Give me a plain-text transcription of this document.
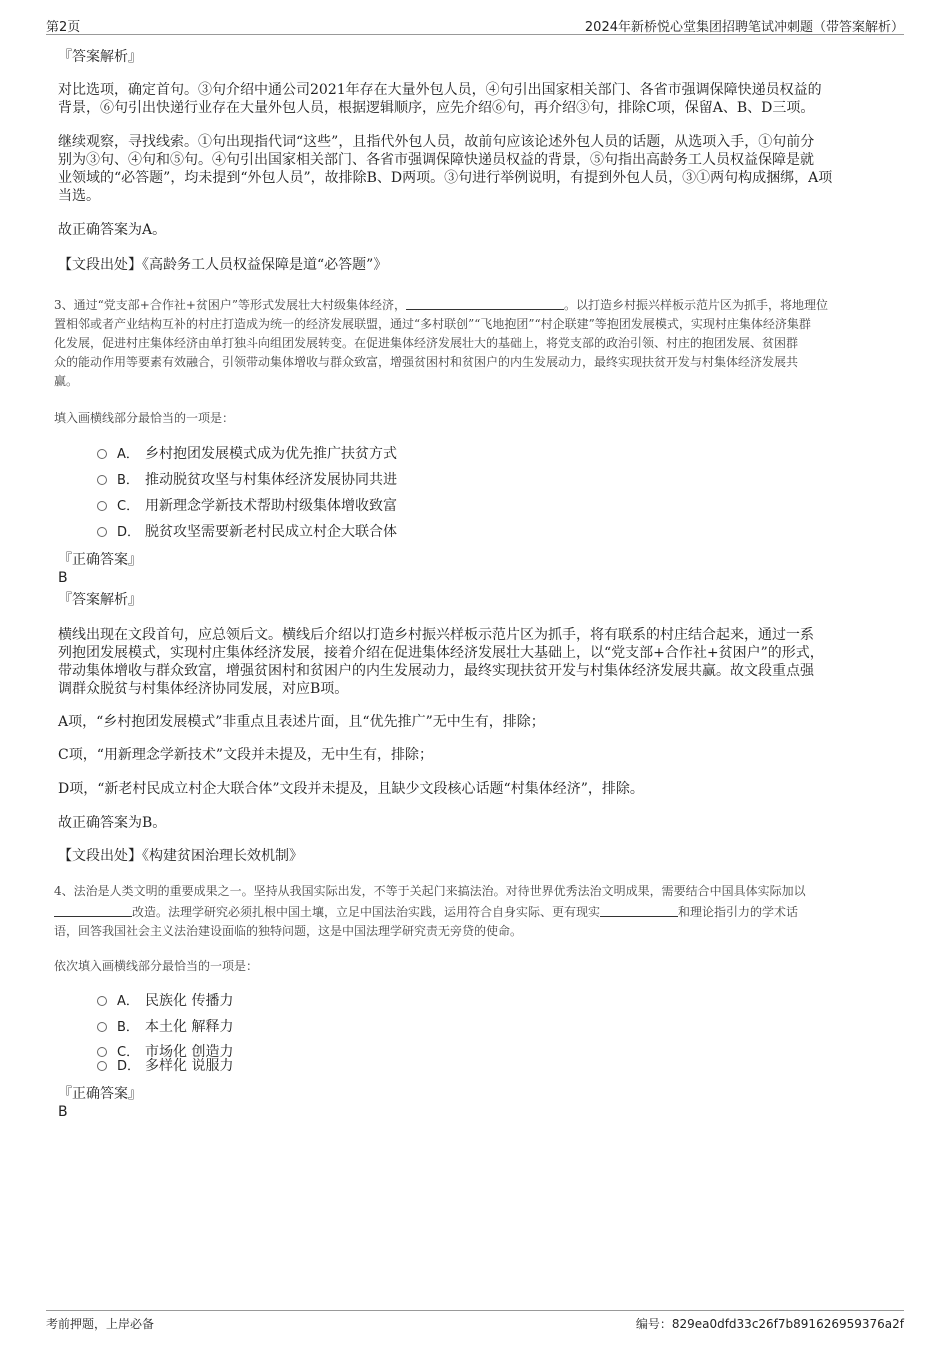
第2页	2024年新桥悦心堂集团招聘笔试冲刺题（带答案解析）
『答案解析』
对比选项，确定首句。③句介绍中通公司2021年存在大量外包人员，④句引出国家相关部门、各省市强调保障快递员权益的
背景，⑥句引出快递行业存在大量外包人员，根据逻辑顺序，应先介绍⑥句，再介绍③句，排除C项，保留A、B、D三项。
继续观察，寻找线索。①句出现指代词“这些”，且指代外包人员，故前句应该论述外包人员的话题，从选项入手，①句前分
别为③句、④句和⑤句。④句引出国家相关部门、各省市强调保障快递员权益的背景，⑤句指出高龄务工人员权益保障是就
业领域的“必答题”，均未提到“外包人员”，故排除B、D两项。③句进行举例说明，有提到外包人员，③①两句构成捆绑，A项
当选。
故正确答案为A。
【文段出处】《高龄务工人员权益保障是道“必答题”》
3、通过“党支部+合作社+贫困户”等形式发展壮大村级集体经济，	。以打造乡村振兴样板示范片区为抓手，将地理位
置相邻或者产业结构互补的村庄打造成为统一的经济发展联盟，通过“多村联创”“飞地抱团”“村企联建”等抱团发展模式，实现村庄集体经济集群
化发展，促进村庄集体经济由单打独斗向组团发展转变。在促进集体经济发展壮大的基础上，将党支部的政治引领、村庄的抱团发展、贫困群
众的能动作用等要素有效融合，引领带动集体增收与群众致富，增强贫困村和贫困户的内生发展动力，最终实现扶贫开发与村集体经济发展共
赢。
填入画横线部分最恰当的一项是：
A． 乡村抱团发展模式成为优先推广扶贫方式
B． 推动脱贫攻坚与村集体经济发展协同共进
C． 用新理念学新技术帮助村级集体增收致富
D． 脱贫攻坚需要新老村民成立村企大联合体
『正确答案』
B
『答案解析』
横线出现在文段首句，应总领后文。横线后介绍以打造乡村振兴样板示范片区为抓手，将有联系的村庄结合起来，通过一系
列抱团发展模式，实现村庄集体经济发展，接着介绍在促进集体经济发展壮大基础上，以“党支部+合作社+贫困户”的形式，
带动集体增收与群众致富，增强贫困村和贫困户的内生发展动力，最终实现扶贫开发与村集体经济发展共赢。故文段重点强
调群众脱贫与村集体经济协同发展，对应B项。
A项，“乡村抱团发展模式”非重点且表述片面，且“优先推广”无中生有，排除；
C项，“用新理念学新技术”文段并未提及，无中生有，排除；
D项，“新老村民成立村企大联合体”文段并未提及，且缺少文段核心话题“村集体经济”，排除。
故正确答案为B。
【文段出处】《构建贫困治理长效机制》
4、法治是人类文明的重要成果之一。坚持从我国实际出发，不等于关起门来搞法治。对待世界优秀法治文明成果，需要结合中国具体实际加以
改造。法理学研究必须扎根中国土壤，立足中国法治实践，运用符合自身实际、更有现实	和理论指引力的学术话
语，回答我国社会主义法治建设面临的独特问题，这是中国法理学研究责无旁贷的使命。
依次填入画横线部分最恰当的一项是：
A． 民族化 传播力
B． 本土化 解释力
C． 市场化 创造力
D． 多样化 说服力
『正确答案』
B
考前押题，上岸必备	编号：829ea0dfd33c26f7b891626959376a2f
